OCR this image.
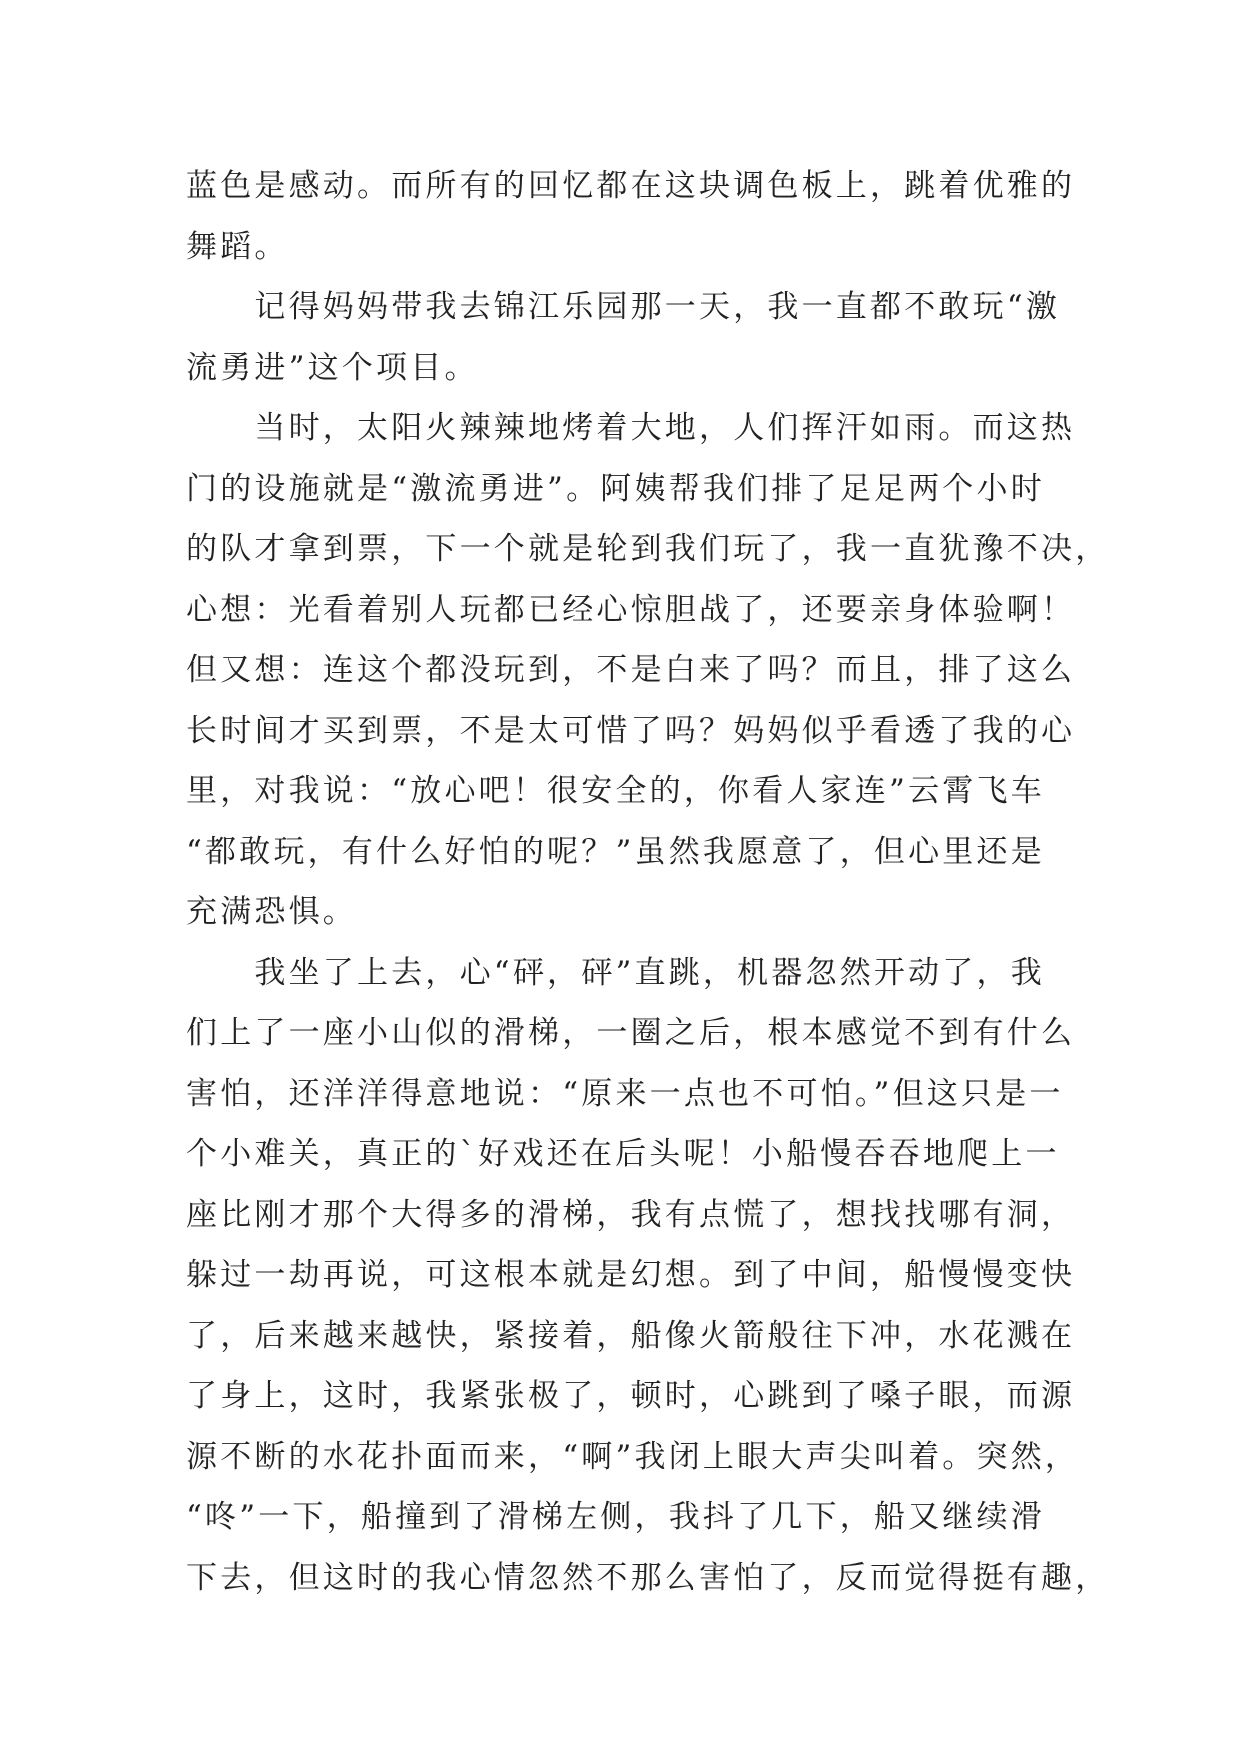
蓝色是感动。而所有的回忆都在这块调色板上，跳着优雅的
舞蹈。
　　记得妈妈带我去锦江乐园那一天，我一直都不敢玩“激
流勇进”这个项目。
　　当时，太阳火辣辣地烤着大地，人们挥汗如雨。而这热
门的设施就是“激流勇进”。阿姨帮我们排了足足两个小时
的队才拿到票，下一个就是轮到我们玩了，我一直犹豫不决，
心想：光看着别人玩都已经心惊胆战了，还要亲身体验啊！
但又想：连这个都没玩到，不是白来了吗？而且，排了这么
长时间才买到票，不是太可惜了吗？妈妈似乎看透了我的心
里，对我说：“放心吧！很安全的，你看人家连”云霄飞车
“都敢玩，有什么好怕的呢？”虽然我愿意了，但心里还是
充满恐惧。
　　我坐了上去，心“砰，砰”直跳，机器忽然开动了，我
们上了一座小山似的滑梯，一圈之后，根本感觉不到有什么
害怕，还洋洋得意地说：“原来一点也不可怕。”但这只是一
个小难关，真正的`好戏还在后头呢！小船慢吞吞地爬上一
座比刚才那个大得多的滑梯，我有点慌了，想找找哪有洞，
躲过一劫再说，可这根本就是幻想。到了中间，船慢慢变快
了，后来越来越快，紧接着，船像火箭般往下冲，水花溅在
了身上，这时，我紧张极了，顿时，心跳到了嗓子眼，而源
源不断的水花扑面而来，“啊”我闭上眼大声尖叫着。突然，
“咚”一下，船撞到了滑梯左侧，我抖了几下，船又继续滑
下去，但这时的我心情忽然不那么害怕了，反而觉得挺有趣，
